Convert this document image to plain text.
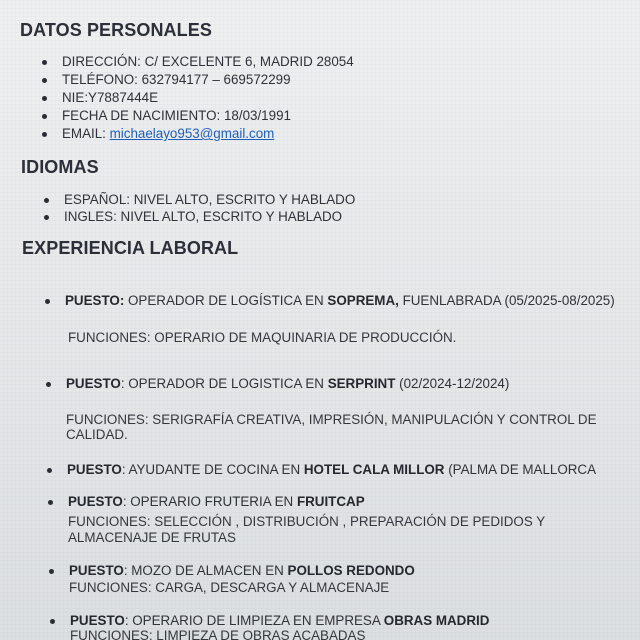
DATOS PERSONALES
DIRECCIÓN: C/ EXCELENTE 6, MADRID 28054
TELÉFONO: 632794177 – 669572299
NIE:Y7887444E
FECHA DE NACIMIENTO: 18/03/1991
EMAIL: michaelayo953@gmail.com
IDIOMAS
ESPAÑOL: NIVEL ALTO, ESCRITO Y HABLADO
INGLES: NIVEL ALTO, ESCRITO Y HABLADO
EXPERIENCIA LABORAL
PUESTO: OPERADOR DE LOGÍSTICA EN SOPREMA, FUENLABRADA (05/2025-08/2025)
FUNCIONES: OPERARIO DE MAQUINARIA DE PRODUCCIÓN.
PUESTO: OPERADOR DE LOGISTICA EN SERPRINT (02/2024-12/2024)
FUNCIONES: SERIGRAFÍA CREATIVA, IMPRESIÓN, MANIPULACIÓN Y CONTROL DE
CALIDAD.
PUESTO: AYUDANTE DE COCINA EN HOTEL CALA MILLOR (PALMA DE MALLORCA
PUESTO: OPERARIO FRUTERIA EN FRUITCAP
FUNCIONES: SELECCIÓN , DISTRIBUCIÓN , PREPARACIÓN DE PEDIDOS Y
ALMACENAJE DE FRUTAS
PUESTO: MOZO DE ALMACEN EN POLLOS REDONDO
FUNCIONES: CARGA, DESCARGA Y ALMACENAJE
PUESTO: OPERARIO DE LIMPIEZA EN EMPRESA OBRAS MADRID
FUNCIONES: LIMPIEZA DE OBRAS ACABADAS
